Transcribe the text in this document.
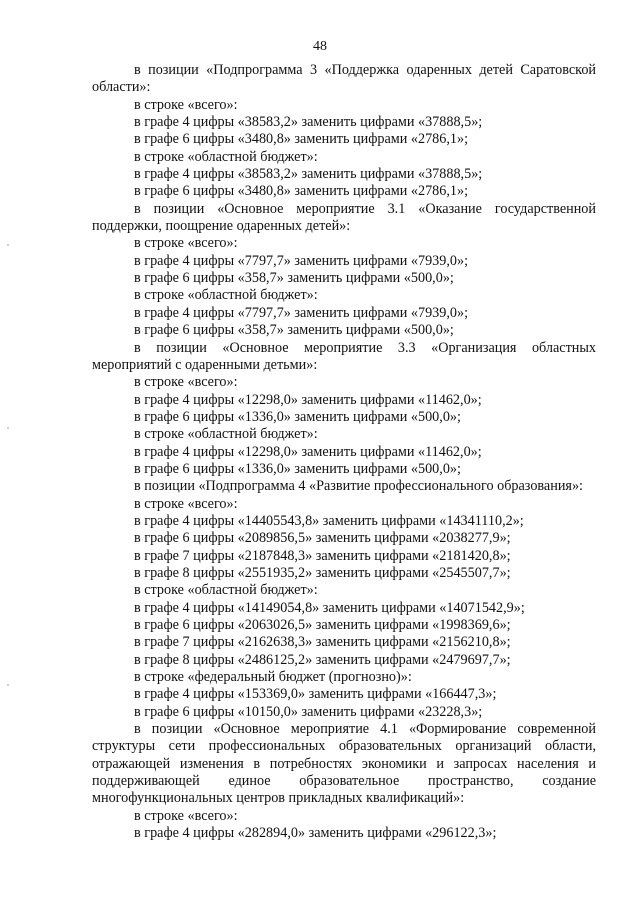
48
в позиции «Подпрограмма 3 «Поддержка одаренных детей Саратовской области»:
в строке «всего»:
в графе 4 цифры «38583,2» заменить цифрами «37888,5»;
в графе 6 цифры «3480,8» заменить цифрами «2786,1»;
в строке «областной бюджет»:
в графе 4 цифры «38583,2» заменить цифрами «37888,5»;
в графе 6 цифры «3480,8» заменить цифрами «2786,1»;
в позиции «Основное мероприятие 3.1 «Оказание государственной поддержки, поощрение одаренных детей»:
в строке «всего»:
в графе 4 цифры «7797,7» заменить цифрами «7939,0»;
в графе 6 цифры «358,7» заменить цифрами «500,0»;
в строке «областной бюджет»:
в графе 4 цифры «7797,7» заменить цифрами «7939,0»;
в графе 6 цифры «358,7» заменить цифрами «500,0»;
в позиции «Основное мероприятие 3.3 «Организация областных мероприятий с одаренными детьми»:
в строке «всего»:
в графе 4 цифры «12298,0» заменить цифрами «11462,0»;
в графе 6 цифры «1336,0» заменить цифрами «500,0»;
в строке «областной бюджет»:
в графе 4 цифры «12298,0» заменить цифрами «11462,0»;
в графе 6 цифры «1336,0» заменить цифрами «500,0»;
в позиции «Подпрограмма 4 «Развитие профессионального образования»:
в строке «всего»:
в графе 4 цифры «14405543,8» заменить цифрами «14341110,2»;
в графе 6 цифры «2089856,5» заменить цифрами «2038277,9»;
в графе 7 цифры «2187848,3» заменить цифрами «2181420,8»;
в графе 8 цифры «2551935,2» заменить цифрами «2545507,7»;
в строке «областной бюджет»:
в графе 4 цифры «14149054,8» заменить цифрами «14071542,9»;
в графе 6 цифры «2063026,5» заменить цифрами «1998369,6»;
в графе 7 цифры «2162638,3» заменить цифрами «2156210,8»;
в графе 8 цифры «2486125,2» заменить цифрами «2479697,7»;
в строке «федеральный бюджет (прогнозно)»:
в графе 4 цифры «153369,0» заменить цифрами «166447,3»;
в графе 6 цифры «10150,0» заменить цифрами «23228,3»;
в позиции «Основное мероприятие 4.1 «Формирование современной структуры сети профессиональных образовательных организаций области, отражающей изменения в потребностях экономики и запросах населения и поддерживающей единое образовательное пространство, создание многофункциональных центров прикладных квалификаций»:
в строке «всего»:
в графе 4 цифры «282894,0» заменить цифрами «296122,3»;
